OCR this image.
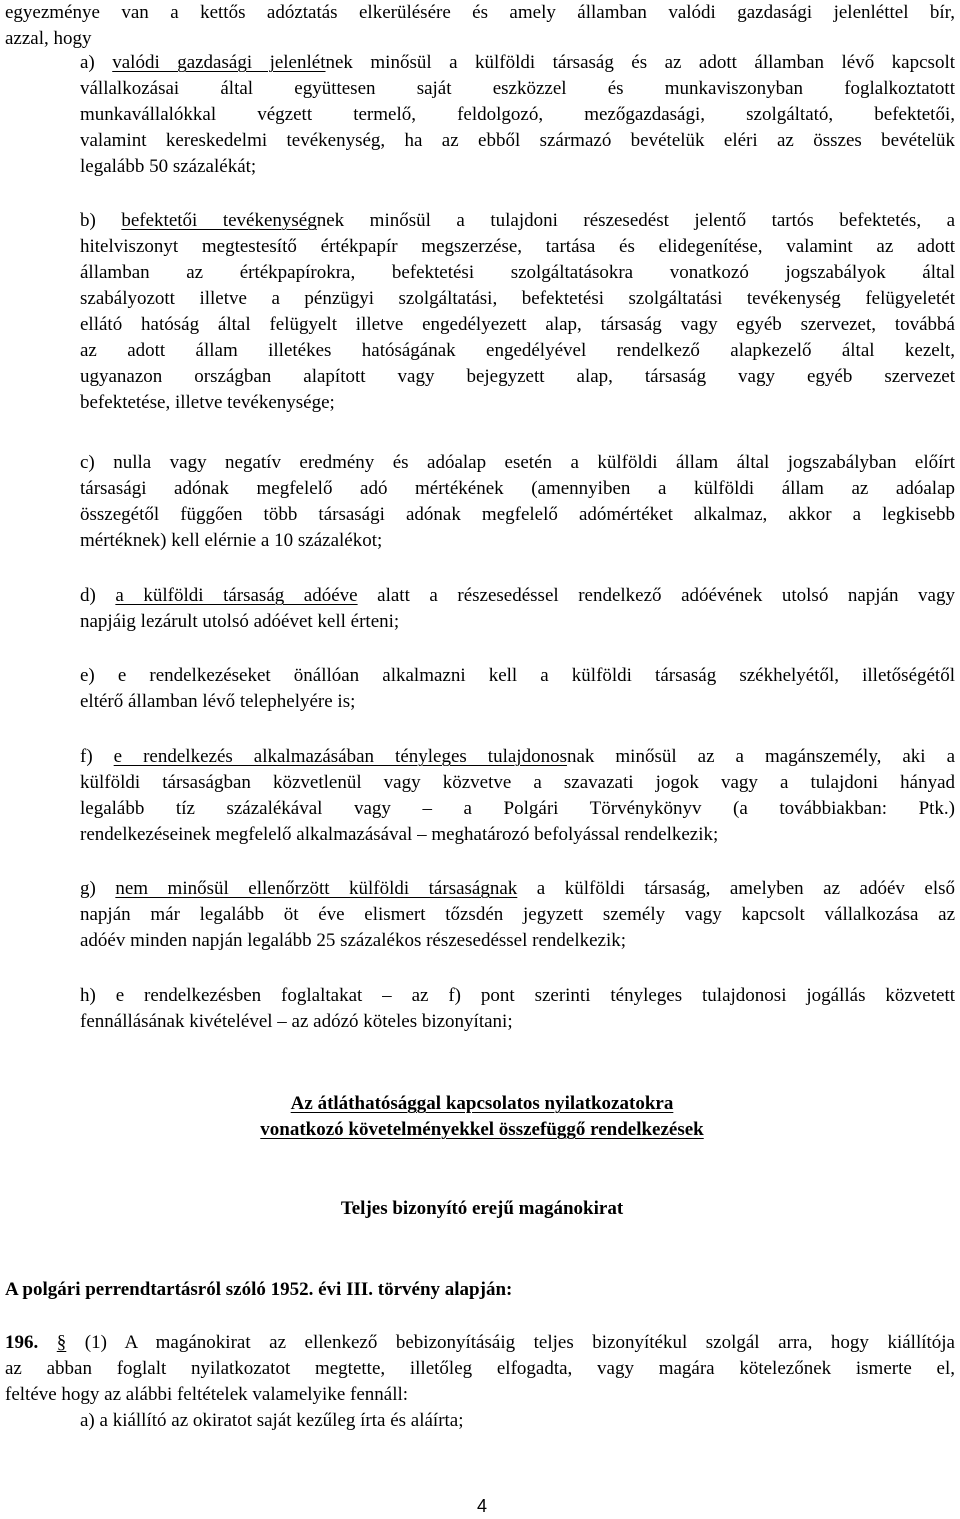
egyezménye van a kettős adóztatás elkerülésére és amely államban valódi gazdasági jelenléttel bír,
azzal, hogy
a) valódi gazdasági jelenlétnek minősül a külföldi társaság és az adott államban lévő kapcsolt
vállalkozásai által együttesen saját eszközzel és munkaviszonyban foglalkoztatott
munkavállalókkal végzett termelő, feldolgozó, mezőgazdasági, szolgáltató, befektetői,
valamint kereskedelmi tevékenység, ha az ebből származó bevételük eléri az összes bevételük
legalább 50 százalékát;
b) befektetői tevékenységnek minősül a tulajdoni részesedést jelentő tartós befektetés, a
hitelviszonyt megtestesítő értékpapír megszerzése, tartása és elidegenítése, valamint az adott
államban az értékpapírokra, befektetési szolgáltatásokra vonatkozó jogszabályok által
szabályozott illetve a pénzügyi szolgáltatási, befektetési szolgáltatási tevékenység felügyeletét
ellátó hatóság által felügyelt illetve engedélyezett alap, társaság vagy egyéb szervezet, továbbá
az adott állam illetékes hatóságának engedélyével rendelkező alapkezelő által kezelt,
ugyanazon országban alapított vagy bejegyzett alap, társaság vagy egyéb szervezet
befektetése, illetve tevékenysége;
c) nulla vagy negatív eredmény és adóalap esetén a külföldi állam által jogszabályban előírt
társasági adónak megfelelő adó mértékének (amennyiben a külföldi állam az adóalap
összegétől függően több társasági adónak megfelelő adómértéket alkalmaz, akkor a legkisebb
mértéknek) kell elérnie a 10 százalékot;
d) a külföldi társaság adóéve alatt a részesedéssel rendelkező adóévének utolsó napján vagy
napjáig lezárult utolsó adóévet kell érteni;
e) e rendelkezéseket önállóan alkalmazni kell a külföldi társaság székhelyétől, illetőségétől
eltérő államban lévő telephelyére is;
f) e rendelkezés alkalmazásában tényleges tulajdonosnak minősül az a magánszemély, aki a
külföldi társaságban közvetlenül vagy közvetve a szavazati jogok vagy a tulajdoni hányad
legalább tíz százalékával vagy – a Polgári Törvénykönyv (a továbbiakban: Ptk.)
rendelkezéseinek megfelelő alkalmazásával – meghatározó befolyással rendelkezik;
g) nem minősül ellenőrzött külföldi társaságnak a külföldi társaság, amelyben az adóév első
napján már legalább öt éve elismert tőzsdén jegyzett személy vagy kapcsolt vállalkozása az
adóév minden napján legalább 25 százalékos részesedéssel rendelkezik;
h) e rendelkezésben foglaltakat – az f) pont szerinti tényleges tulajdonosi jogállás közvetett
fennállásának kivételével – az adózó köteles bizonyítani;
Az átláthatósággal kapcsolatos nyilatkozatokra
vonatkozó követelményekkel összefüggő rendelkezések
Teljes bizonyító erejű magánokirat
A polgári perrendtartásról szóló 1952. évi III. törvény alapján:
196. § (1) A magánokirat az ellenkező bebizonyításáig teljes bizonyítékul szolgál arra, hogy kiállítója
az abban foglalt nyilatkozatot megtette, illetőleg elfogadta, vagy magára kötelezőnek ismerte el,
feltéve hogy az alábbi feltételek valamelyike fennáll:
a) a kiállító az okiratot saját kezűleg írta és aláírta;
4
